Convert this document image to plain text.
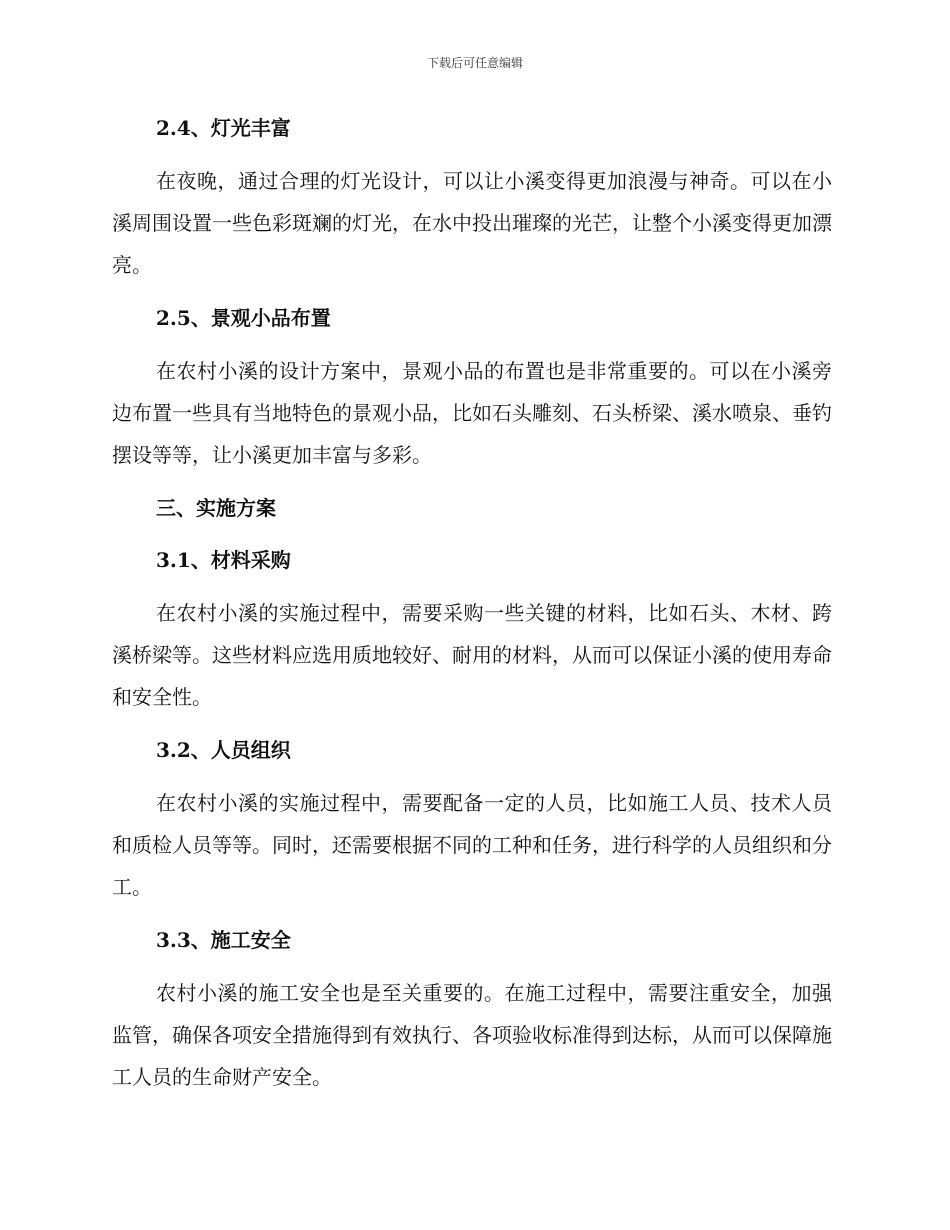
下载后可任意编辑
2.4、灯光丰富

在夜晚，通过合理的灯光设计，可以让小溪变得更加浪漫与神奇。可以在小溪周围设置一些色彩斑斓的灯光，在水中投出璀璨的光芒，让整个小溪变得更加漂亮。

2.5、景观小品布置

在农村小溪的设计方案中，景观小品的布置也是非常重要的。可以在小溪旁边布置一些具有当地特色的景观小品，比如石头雕刻、石头桥梁、溪水喷泉、垂钓摆设等等，让小溪更加丰富与多彩。

三、实施方案
3.1、材料采购

在农村小溪的实施过程中，需要采购一些关键的材料，比如石头、木材、跨溪桥梁等。这些材料应选用质地较好、耐用的材料，从而可以保证小溪的使用寿命和安全性。

3.2、人员组织

在农村小溪的实施过程中，需要配备一定的人员，比如施工人员、技术人员和质检人员等等。同时，还需要根据不同的工种和任务，进行科学的人员组织和分工。

3.3、施工安全

农村小溪的施工安全也是至关重要的。在施工过程中，需要注重安全，加强监管，确保各项安全措施得到有效执行、各项验收标准得到达标，从而可以保障施工人员的生命财产安全。
